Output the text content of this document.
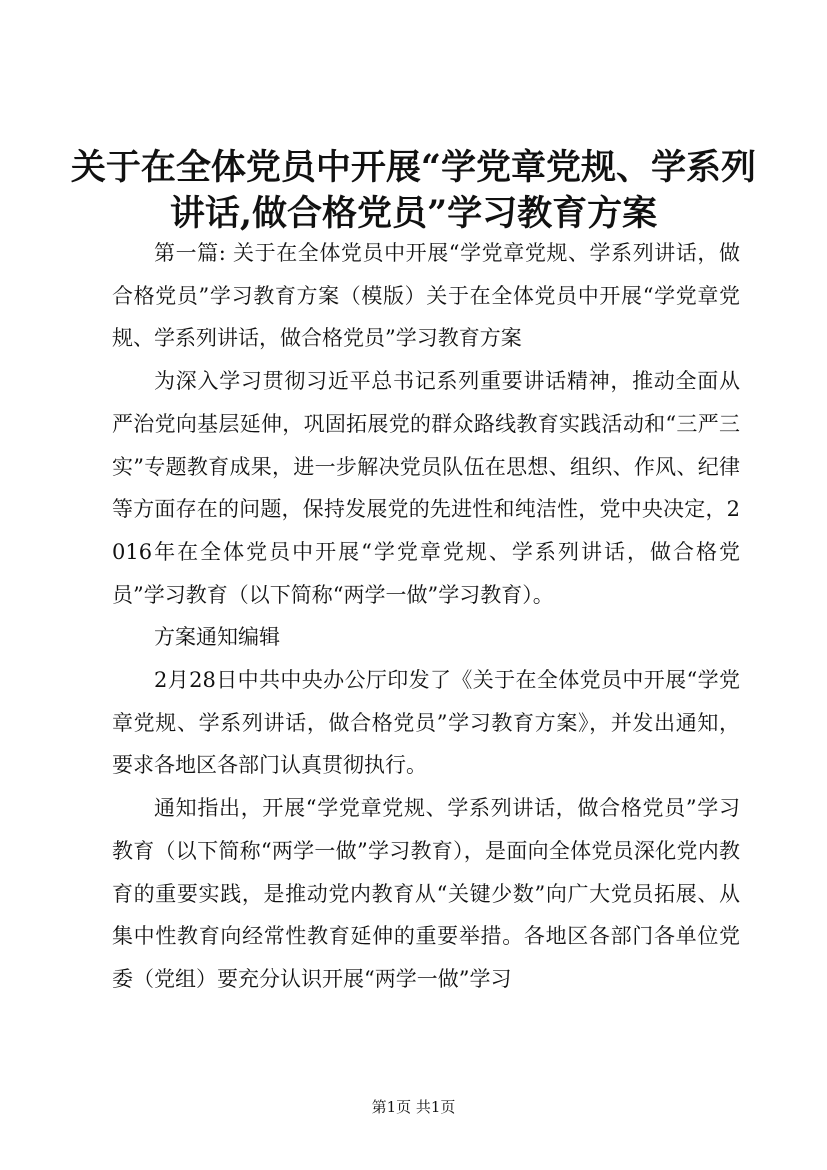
关于在全体党员中开展“学党章党规、学系列讲话,做合格党员”学习教育方案

第一篇: 关于在全体党员中开展“学党章党规、学系列讲话，做合格党员”学习教育方案（模版）关于在全体党员中开展“学党章党规、学系列讲话，做合格党员”学习教育方案

为深入学习贯彻习近平总书记系列重要讲话精神，推动全面从严治党向基层延伸，巩固拓展党的群众路线教育实践活动和“三严三实”专题教育成果，进一步解决党员队伍在思想、组织、作风、纪律等方面存在的问题，保持发展党的先进性和纯洁性，党中央决定，2016年在全体党员中开展“学党章党规、学系列讲话，做合格党员”学习教育（以下简称“两学一做”学习教育）。

方案通知编辑

2月28日中共中央办公厅印发了《关于在全体党员中开展“学党章党规、学系列讲话，做合格党员”学习教育方案》，并发出通知，要求各地区各部门认真贯彻执行。

通知指出，开展“学党章党规、学系列讲话，做合格党员”学习教育（以下简称“两学一做”学习教育），是面向全体党员深化党内教育的重要实践，是推动党内教育从“关键少数”向广大党员拓展、从集中性教育向经常性教育延伸的重要举措。各地区各部门各单位党委（党组）要充分认识开展“两学一做”学习

第1页 共1页
